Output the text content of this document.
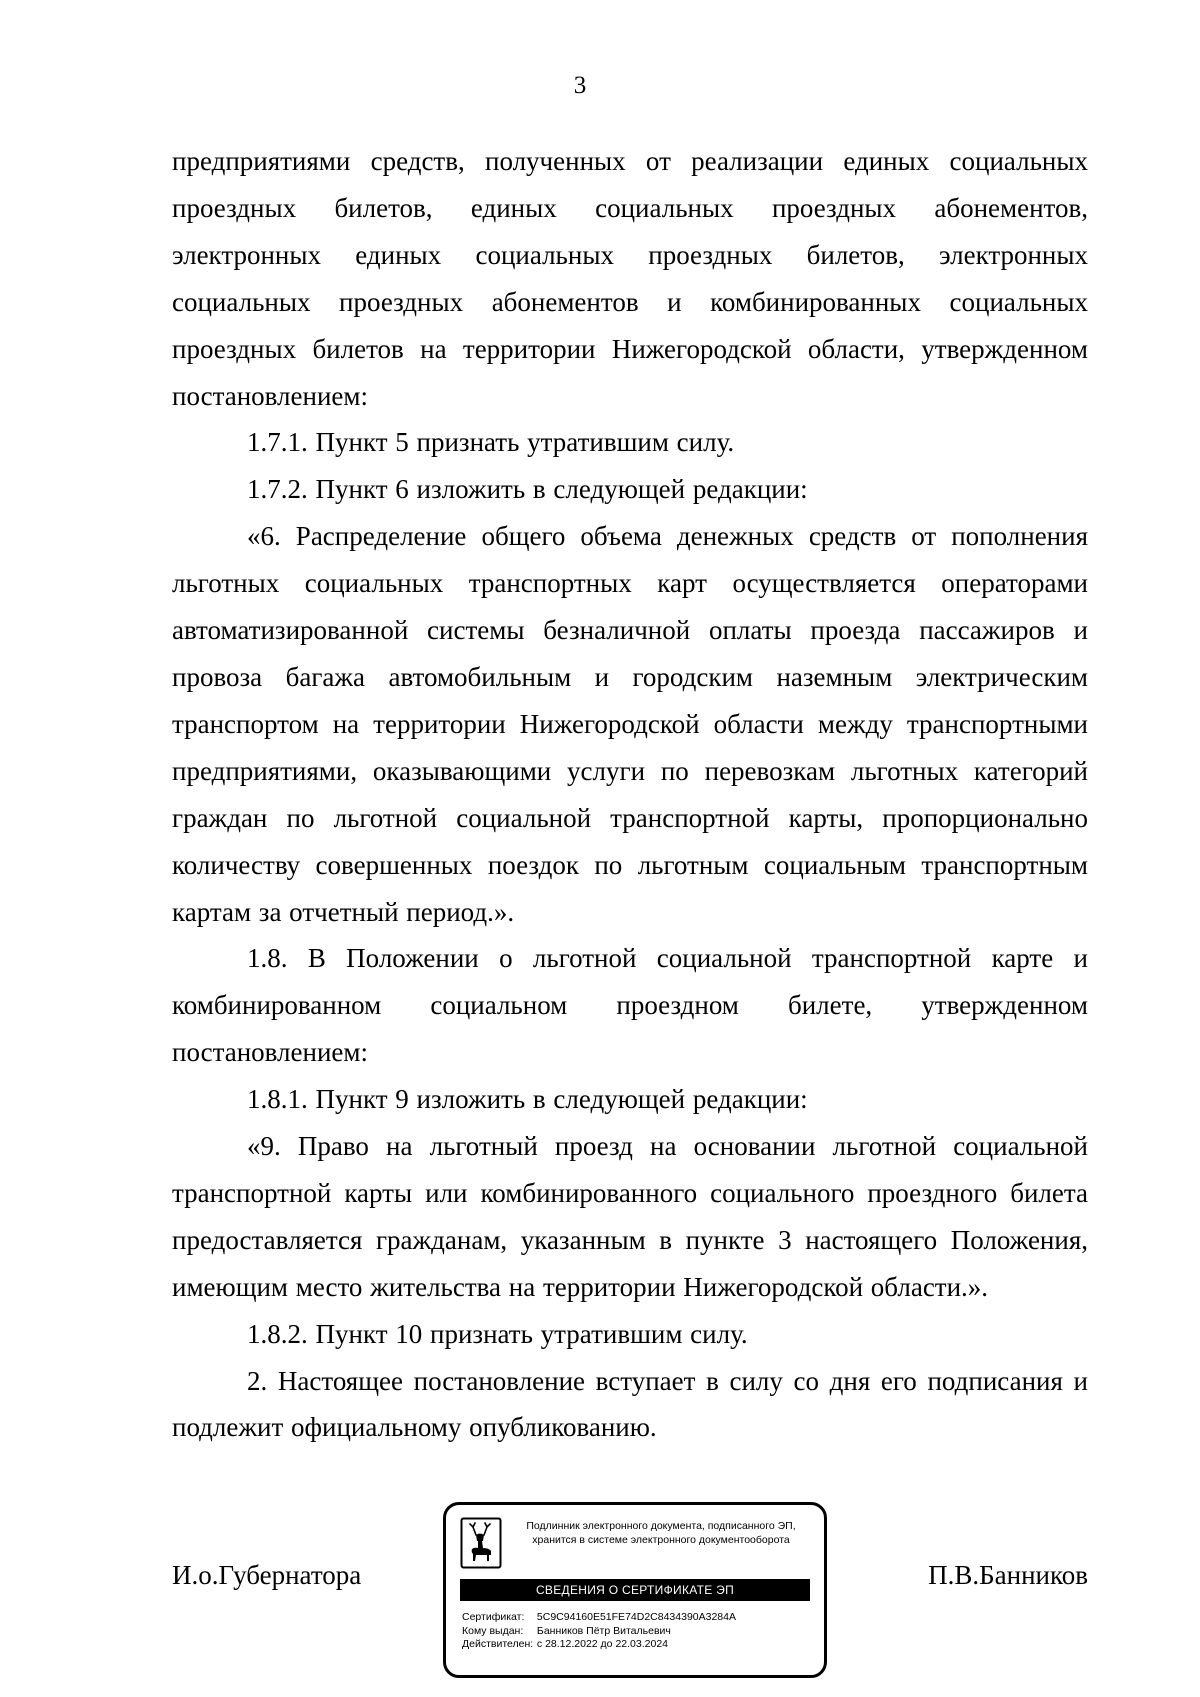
3

предприятиями средств, полученных от реализации единых социальных проездных билетов, единых социальных проездных абонементов, электронных единых социальных проездных билетов, электронных социальных проездных абонементов и комбинированных социальных проездных билетов на территории Нижегородской области, утвержденном постановлением:

1.7.1. Пункт 5 признать утратившим силу.

1.7.2. Пункт 6 изложить в следующей редакции:

«6. Распределение общего объема денежных средств от пополнения льготных социальных транспортных карт осуществляется операторами автоматизированной системы безналичной оплаты проезда пассажиров и провоза багажа автомобильным и городским наземным электрическим транспортом на территории Нижегородской области между транспортными предприятиями, оказывающими услуги по перевозкам льготных категорий граждан по льготной социальной транспортной карты, пропорционально количеству совершенных поездок по льготным социальным транспортным картам за отчетный период.».

1.8. В Положении о льготной социальной транспортной карте и комбинированном социальном проездном билете, утвержденном постановлением:

1.8.1. Пункт 9 изложить в следующей редакции:

«9. Право на льготный проезд на основании льготной социальной транспортной карты или комбинированного социального проездного билета предоставляется гражданам, указанным в пункте 3 настоящего Положения, имеющим место жительства на территории Нижегородской области.».

1.8.2. Пункт 10 признать утратившим силу.

2. Настоящее постановление вступает в силу со дня его подписания и подлежит официальному опубликованию.

И.о.Губернатора	П.В.Банников
Подлинник электронного документа, подписанного ЭП,
хранится в системе электронного документооборота
СВЕДЕНИЯ О СЕРТИФИКАТЕ ЭП
Сертификат: 5C9C94160E51FE74D2C8434390A3284A
Кому выдан: Банников Пётр Витальевич
Действителен: с 28.12.2022 до 22.03.2024
